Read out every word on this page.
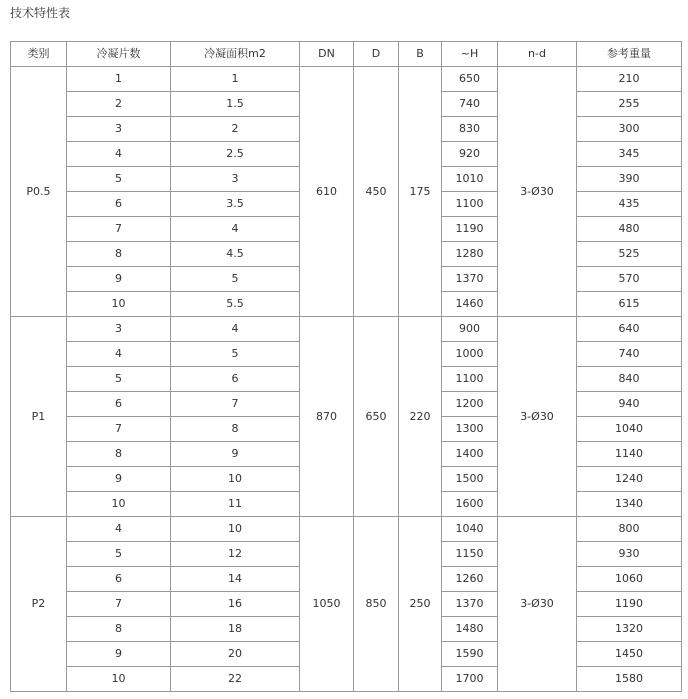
技术特性表
类别	冷凝片数	冷凝面积m2	DN	D	B	~H	n-d	参考重量
P0.5	1	1	610	450	175	650	3-Ø30	210
	2	1.5				740		255
	3	2				830		300
	4	2.5				920		345
	5	3				1010		390
	6	3.5				1100		435
	7	4				1190		480
	8	4.5				1280		525
	9	5				1370		570
	10	5.5				1460		615
P1	3	4	870	650	220	900	3-Ø30	640
	4	5				1000		740
	5	6				1100		840
	6	7				1200		940
	7	8				1300		1040
	8	9				1400		1140
	9	10				1500		1240
	10	11				1600		1340
P2	4	10	1050	850	250	1040	3-Ø30	800
	5	12				1150		930
	6	14				1260		1060
	7	16				1370		1190
	8	18				1480		1320
	9	20				1590		1450
	10	22				1700		1580
